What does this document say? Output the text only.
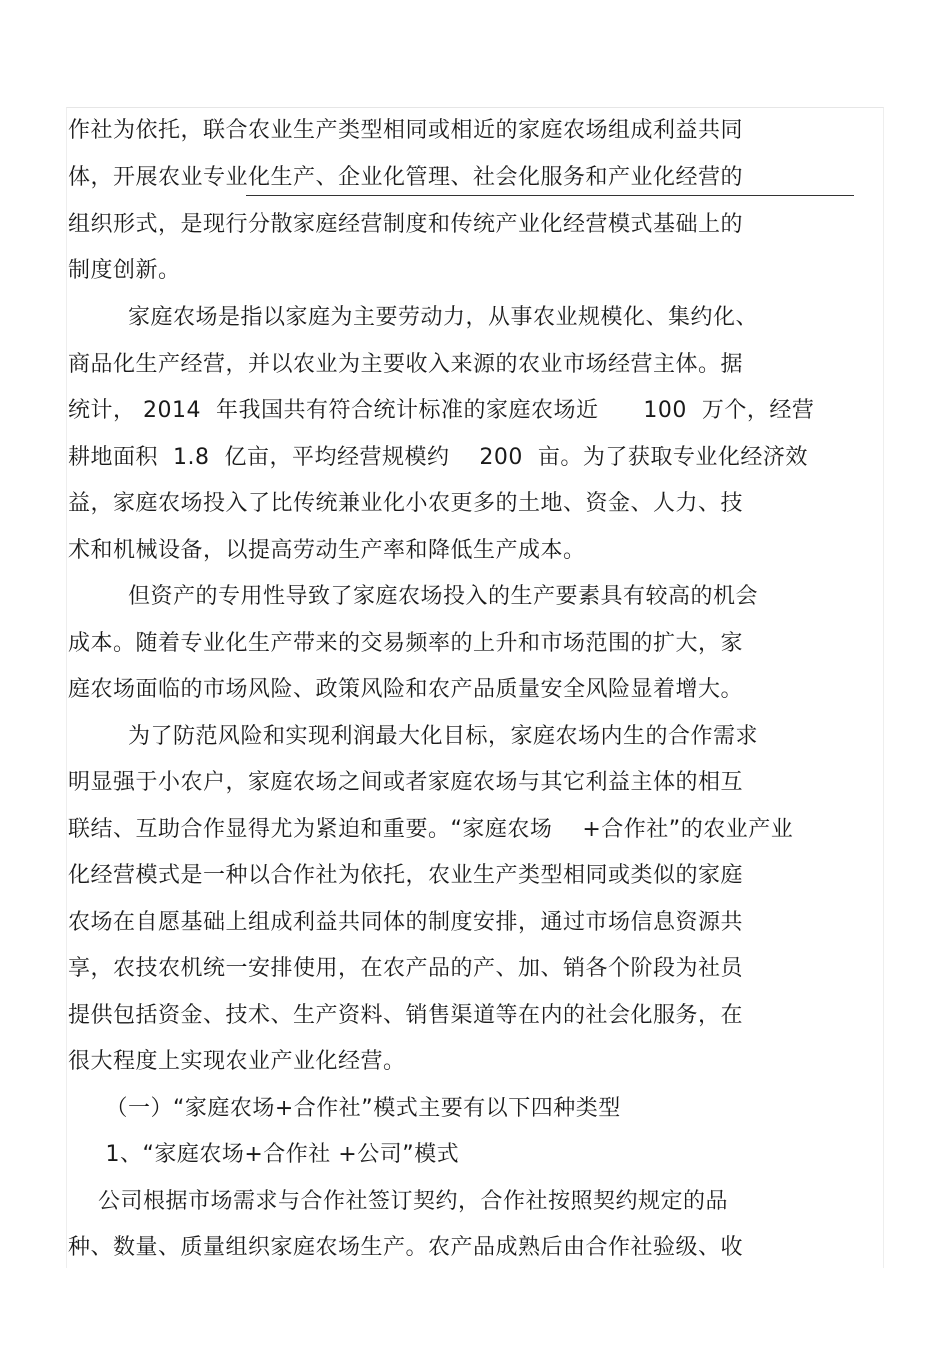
作社为依托，联合农业生产类型相同或相近的家庭农场组成利益共同
体，开展农业专业化生产、企业化管理、社会化服务和产业化经营的
组织形式，是现行分散家庭经营制度和传统产业化经营模式基础上的
制度创新。
家庭农场是指以家庭为主要劳动力，从事农业规模化、集约化、
商品化生产经营，并以农业为主要收入来源的农业市场经营主体。据
统计， 2014  年我国共有符合统计标准的家庭农场近      100  万个，经营
耕地面积  1.8  亿亩，平均经营规模约    200  亩。为了获取专业化经济效
益，家庭农场投入了比传统兼业化小农更多的土地、资金、人力、技
术和机械设备，以提高劳动生产率和降低生产成本。
但资产的专用性导致了家庭农场投入的生产要素具有较高的机会
成本。随着专业化生产带来的交易频率的上升和市场范围的扩大，家
庭农场面临的市场风险、政策风险和农产品质量安全风险显着增大。
为了防范风险和实现利润最大化目标，家庭农场内生的合作需求
明显强于小农户，家庭农场之间或者家庭农场与其它利益主体的相互
联结、互助合作显得尤为紧迫和重要。“家庭农场    +合作社”的农业产业
化经营模式是一种以合作社为依托，农业生产类型相同或类似的家庭
农场在自愿基础上组成利益共同体的制度安排，通过市场信息资源共
享，农技农机统一安排使用，在农产品的产、加、销各个阶段为社员
提供包括资金、技术、生产资料、销售渠道等在内的社会化服务，在
很大程度上实现农业产业化经营。
（一）“家庭农场+合作社”模式主要有以下四种类型
1、“家庭农场+合作社 +公司”模式
公司根据市场需求与合作社签订契约，合作社按照契约规定的品
种、数量、质量组织家庭农场生产。农产品成熟后由合作社验级、收
